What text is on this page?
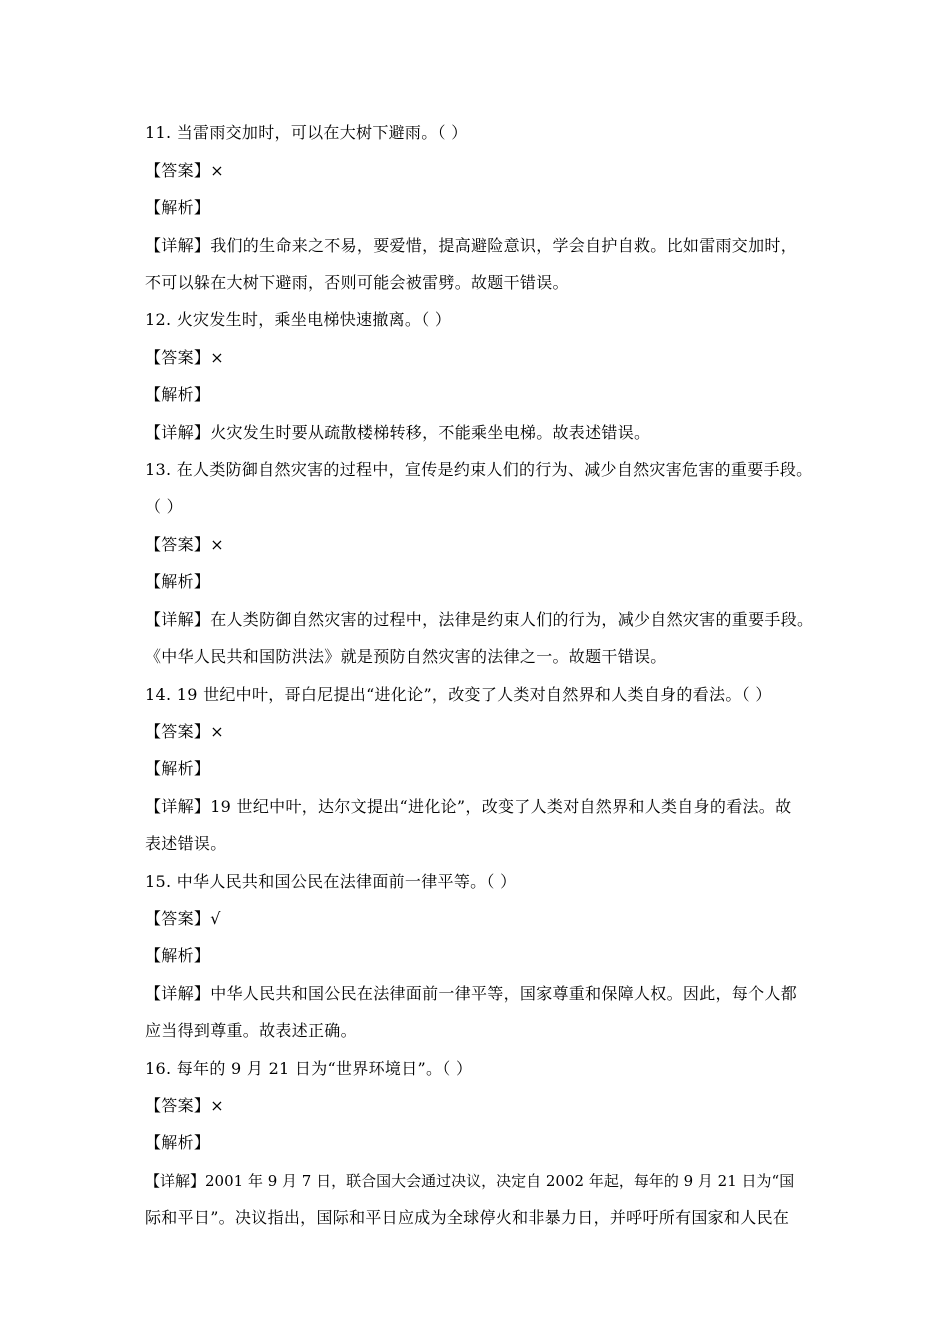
11. 当雷雨交加时，可以在大树下避雨。（ ）
【答案】×
【解析】
【详解】我们的生命来之不易，要爱惜，提高避险意识，学会自护自救。比如雷雨交加时，
不可以躲在大树下避雨，否则可能会被雷劈。故题干错误。
12. 火灾发生时，乘坐电梯快速撤离。（ ）
【答案】×
【解析】
【详解】火灾发生时要从疏散楼梯转移，不能乘坐电梯。故表述错误。
13. 在人类防御自然灾害的过程中，宣传是约束人们的行为、减少自然灾害危害的重要手段。
（ ）
【答案】×
【解析】
【详解】在人类防御自然灾害的过程中，法律是约束人们的行为，减少自然灾害的重要手段。
《中华人民共和国防洪法》就是预防自然灾害的法律之一。故题干错误。
14. 19 世纪中叶，哥白尼提出“进化论”，改变了人类对自然界和人类自身的看法。（ ）
【答案】×
【解析】
【详解】19 世纪中叶，达尔文提出“进化论”，改变了人类对自然界和人类自身的看法。故
表述错误。
15. 中华人民共和国公民在法律面前一律平等。（ ）
【答案】√
【解析】
【详解】中华人民共和国公民在法律面前一律平等，国家尊重和保障人权。因此，每个人都
应当得到尊重。故表述正确。
16. 每年的 9 月 21 日为“世界环境日”。（ ）
【答案】×
【解析】
【详解】2001 年 9 月 7 日，联合国大会通过决议，决定自 2002 年起，每年的 9 月 21 日为“国
际和平日”。决议指出，国际和平日应成为全球停火和非暴力日，并呼吁所有国家和人民在
